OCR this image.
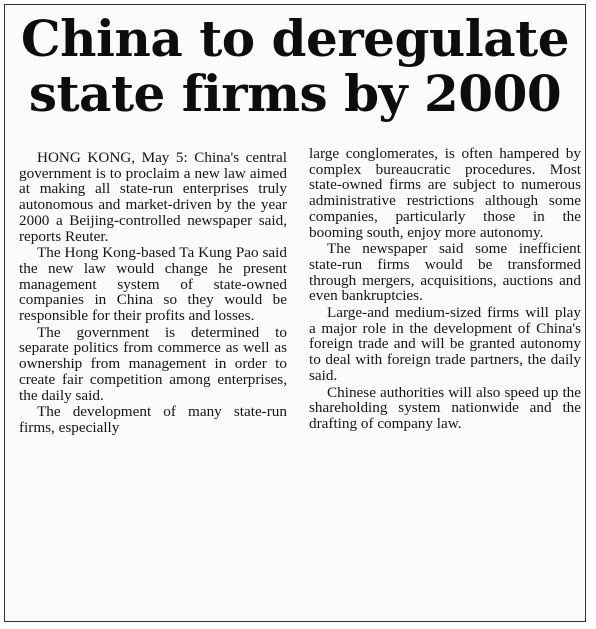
China to deregulate
state firms by 2000

HONG KONG, May 5: China's central government is to proclaim a new law aimed at making all state-run enterprises truly autonomous and market-driven by the year 2000 a Beijing-controlled newspaper said, reports Reuter.

The Hong Kong-based Ta Kung Pao said the new law would change he present management system of state-owned companies in China so they would be responsible for their profits and losses.

The government is determined to separate politics from commerce as well as ownership from management in order to create fair competition among enterprises, the daily said.

The development of many state-run firms, especially

large conglomerates, is often hampered by complex bureaucratic procedures. Most state-owned firms are subject to numerous administrative restrictions although some companies, particularly those in the booming south, enjoy more autonomy.

The newspaper said some inefficient state-run firms would be transformed through mergers, acquisitions, auctions and even bankruptcies.

Large-and medium-sized firms will play a major role in the development of China's foreign trade and will be granted autonomy to deal with foreign trade partners, the daily said.

Chinese authorities will also speed up the shareholding system nationwide and the drafting of company law.
